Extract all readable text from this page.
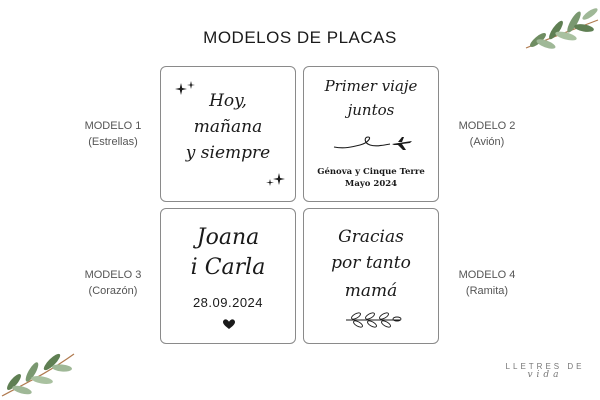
MODELOS DE PLACAS
Hoy,
mañana
y siempre
Primer viaje
juntos
Génova y Cinque Terre
Mayo 2024
Joana
i Carla
28.09.2024
Gracias
por tanto
mamá
MODELO 1
(Estrellas)
MODELO 2
(Avión)
MODELO 3
(Corazón)
MODELO 4
(Ramita)
LLETRES DE
vida
